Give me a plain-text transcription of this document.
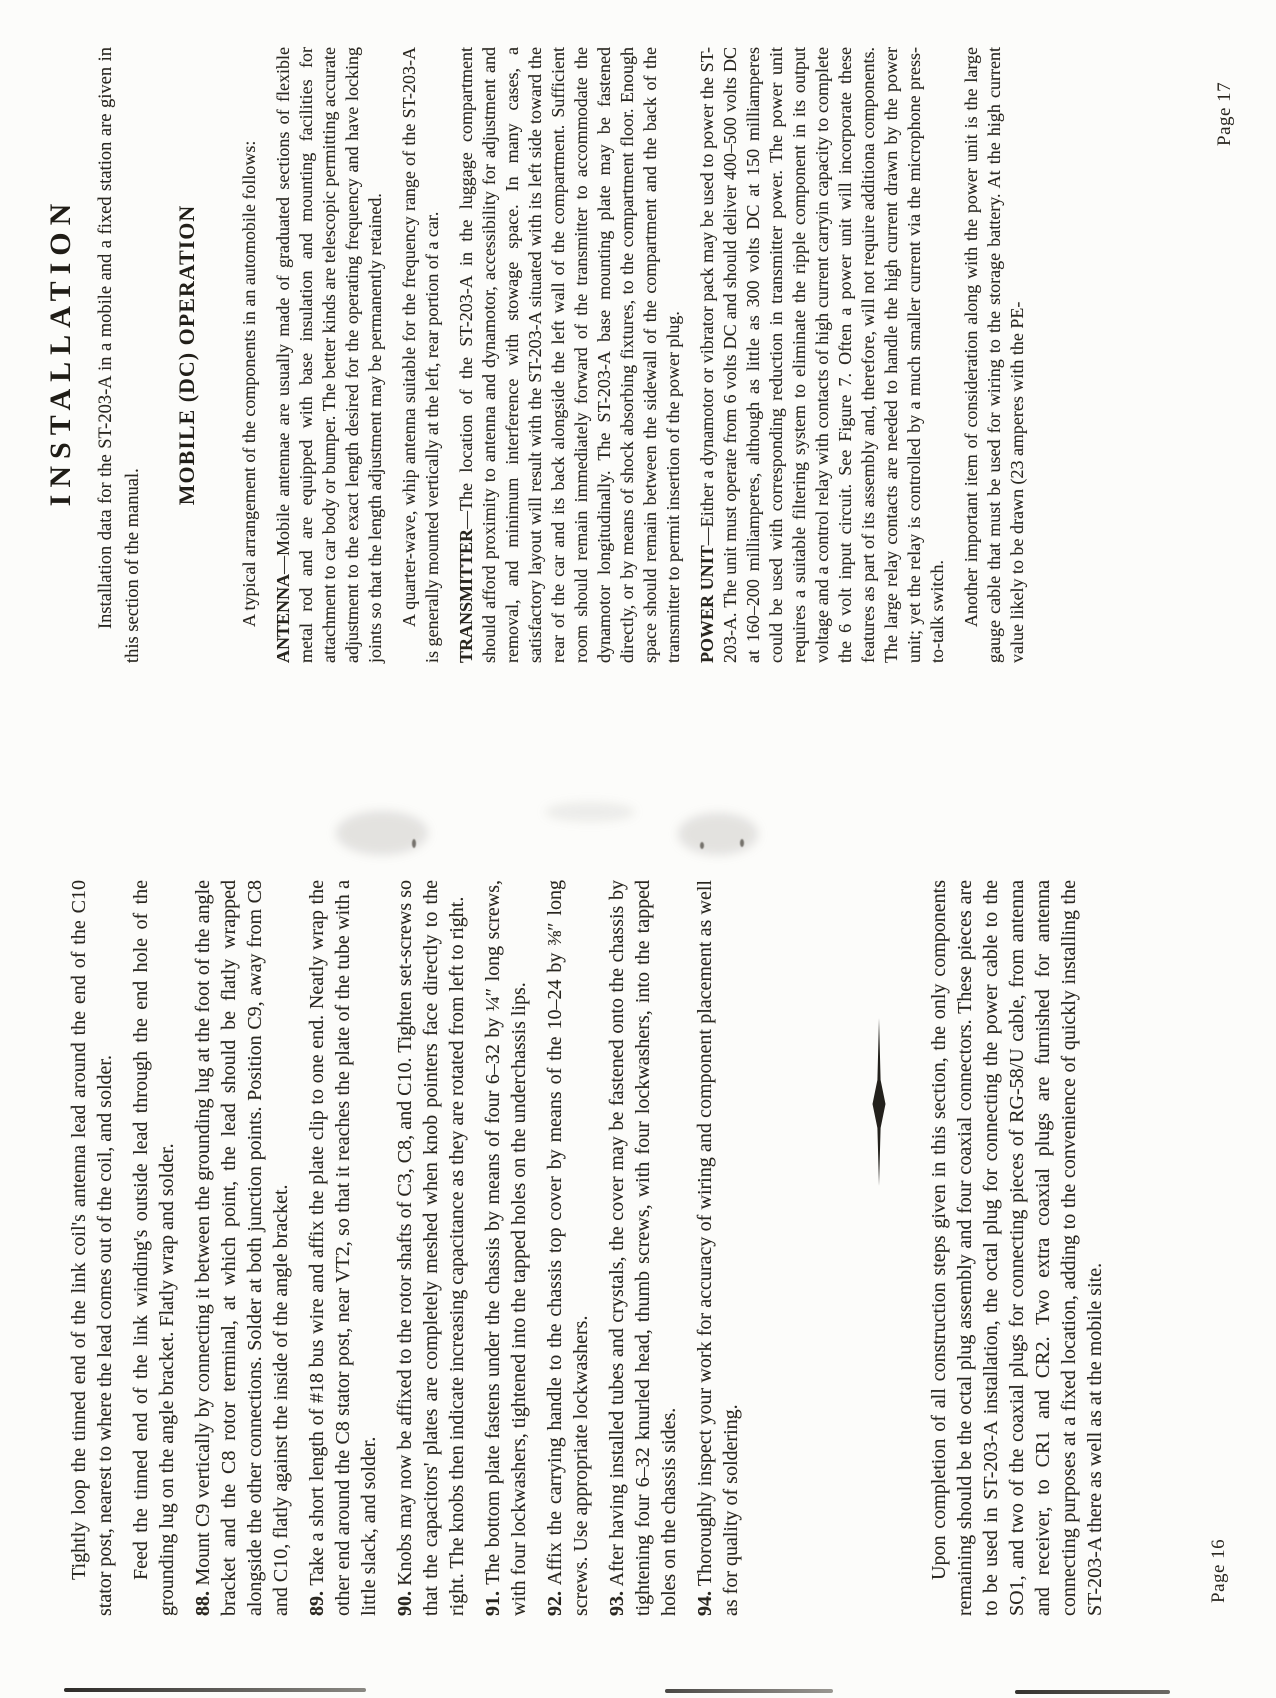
Tightly loop the tinned end of the link coil's antenna lead around the end of the C10 stator post, nearest to where the lead comes out of the coil, and solder. Feed the tinned end of the link winding's outside lead through the end hole of the grounding lug on the angle bracket. Flatly wrap and solder. 88. Mount C9 vertically by connecting it between the grounding lug at the foot of the angle bracket and the C8 rotor terminal, at which point, the lead should be flatly wrapped alongside the other connections. Solder at both junction points. Position C9, away from C8 and C10, flatly against the inside of the angle bracket. 89. Take a short length of #18 bus wire and affix the plate clip to one end. Neatly wrap the other end around the C8 stator post, near VT2, so that it reaches the plate of the tube with a little slack, and solder. 90. Knobs may now be affixed to the rotor shafts of C3, C8, and C10. Tighten set-screws so that the capacitors' plates are completely meshed when knob pointers face directly to the right. The knobs then indicate increasing capacitance as they are rotated from left to right. 91. The bottom plate fastens under the chassis by means of four 6–32 by ¼″ long screws, with four lockwashers, tightened into the tapped holes on the underchassis lips. 92. Affix the carrying handle to the chassis top cover by means of the 10–24 by ⅜″ long screws. Use appropriate lockwashers. 93. After having installed tubes and crystals, the cover may be fastened onto the chassis by tightening four 6–32 knurled head, thumb screws, with four lockwashers, into the tapped holes on the chassis sides. 94. Thoroughly inspect your work for accuracy of wiring and component placement as well as for quality of soldering.	Upon completion of all construction steps given in this section, the only components remaining should be the octal plug assembly and four coaxial connectors. These pieces are to be used in ST-203-A installation, the octal plug for connecting the power cable to the SO1, and two of the coaxial plugs for connecting pieces of RG-58/U cable, from antenna and receiver, to CR1 and CR2. Two extra coaxial plugs are furnished for antenna connecting purposes at a fixed location, adding to the convenience of quickly installing the ST-203-A there as well as at the mobile site.	Page 16
INSTALLATION Installation data for the ST-203-A in a mobile and a fixed station are given in this section of the manual.

MOBILE (DC) OPERATION A typical arrangement of the components in an automobile follows: ANTENNA—Mobile antennae are usually made of graduated sections of flexible metal rod and are equipped with base insulation and mounting facilities for attachment to car body or bumper. The better kinds are telescopic permitting accurate adjustment to the exact length desired for the operating frequency and have locking joints so that the length adjustment may be permanently retained. A quarter-wave, whip antenna suitable for the frequency range of the ST-203-A is generally mounted vertically at the left, rear portion of a car. TRANSMITTER—The location of the ST-203-A in the luggage compartment should afford proximity to antenna and dynamotor, accessibility for adjustment and removal, and minimum interference with stowage space. In many cases, a satisfactory layout will result with the ST-203-A situated with its left side toward the rear of the car and its back alongside the left wall of the compartment. Sufficient room should remain immediately forward of the transmitter to accommodate the dynamotor longitudinally. The ST-203-A base mounting plate may be fastened directly, or by means of shock absorbing fixtures, to the compartment floor. Enough space should remain between the sidewall of the compartment and the back of the transmitter to permit insertion of the power plug. POWER UNIT—Either a dynamotor or vibrator pack may be used to power the ST-203-A. The unit must operate from 6 volts DC and should deliver 400–500 volts DC at 160–200 milliamperes, although as little as 300 volts DC at 150 milliamperes could be used with corresponding reduction in transmitter power. The power unit requires a suitable filtering system to eliminate the ripple component in its output voltage and a control relay with contacts of high current carryin capacity to complete the 6 volt input circuit. See Figure 7. Often a power unit will incorporate these features as part of its assembly and, therefore, will not require additiona components. The large relay contacts are needed to handle the high current drawn by the power unit; yet the relay is controlled by a much smaller current via the microphone press-to-talk switch. Another important item of consideration along with the power unit is the large gauge cable that must be used for wiring to the storage battery. At the high current value likely to be drawn (23 amperes with the PE-

Page 17
